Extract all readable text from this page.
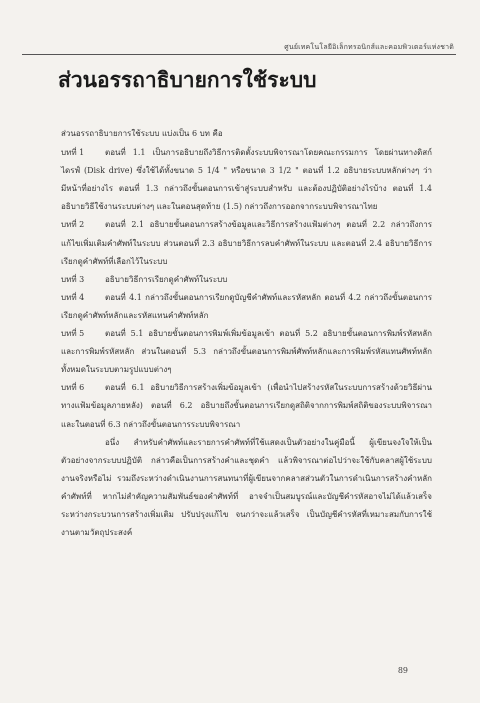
ศูนย์เทคโนโลยีอิเล็กทรอนิกส์และคอมพิวเตอร์แห่งชาติ
ส่วนอรรถาธิบายการใช้ระบบ

ส่วนอรรถาธิบายการใช้ระบบ แบ่งเป็น 6 บท คือ

บทที่ 1	ตอนที่ 1.1 เป็นการอธิบายถึงวิธีการติดตั้งระบบพิจารณาโดยคณะกรรมการ โดยผ่านทางดิสก์ไดรฟ์ (Disk drive) ซึ่งใช้ได้ทั้งขนาด 5 1/4 " หรือขนาด 3 1/2 " ตอนที่ 1.2 อธิบายระบบหลักต่างๆ ว่ามีหน้าที่อย่างไร ตอนที่ 1.3 กล่าวถึงขั้นตอนการเข้าสู่ระบบสำหรับ และต้องปฏิบัติอย่างไรบ้าง ตอนที่ 1.4 อธิบายวิธีใช้งานระบบต่างๆ และในตอนสุดท้าย (1.5) กล่าวถึงการออกจากระบบพิจารณาไทย

บทที่ 2	ตอนที่ 2.1 อธิบายขั้นตอนการสร้างข้อมูลและวิธีการสร้างแฟ้มต่างๆ ตอนที่ 2.2 กล่าวถึงการแก้ไขเพิ่มเติมคำศัพท์ในระบบ ส่วนตอนที่ 2.3 อธิบายวิธีการลบคำศัพท์ในระบบ และตอนที่ 2.4 อธิบายวิธีการเรียกดูคำศัพท์ที่เลือกไว้ในระบบ

บทที่ 3	อธิบายวิธีการเรียกดูคำศัพท์ในระบบ

บทที่ 4	ตอนที่ 4.1 กล่าวถึงขั้นตอนการเรียกดูบัญชีคำศัพท์และรหัสหลัก ตอนที่ 4.2 กล่าวถึงขั้นตอนการเรียกดูคำศัพท์หลักและรหัสแทนคำศัพท์หลัก

บทที่ 5	ตอนที่ 5.1 อธิบายขั้นตอนการพิมพ์เพิ่มข้อมูลเข้า ตอนที่ 5.2 อธิบายขั้นตอนการพิมพ์รหัสหลักและการพิมพ์รหัสหลัก ส่วนในตอนที่ 5.3 กล่าวถึงขั้นตอนการพิมพ์ศัพท์หลักและการพิมพ์รหัสแทนศัพท์หลักทั้งหมดในระบบตามรูปแบบต่างๆ

บทที่ 6	ตอนที่ 6.1 อธิบายวิธีการสร้างเพิ่มข้อมูลเข้า (เพื่อนำไปสร้างรหัสในระบบการสร้างด้วยวิธีผ่านทางแฟ้มข้อมูลภายหลัง) ตอนที่ 6.2 อธิบายถึงขั้นตอนการเรียกดูสถิติจากการพิมพ์สถิติของระบบพิจารณา และในตอนที่ 6.3 กล่าวถึงขั้นตอนการระบบพิจารณา

อนึ่ง สำหรับคำศัพท์และรายการคำศัพท์ที่ใช้แสดงเป็นตัวอย่างในคู่มือนี้ ผู้เขียนจงใจให้เป็นตัวอย่างจากระบบปฏิบัติ กล่าวคือเป็นการสร้างคำและชุดคำ แล้วพิจารณาต่อไปว่าจะใช้กับคลาสผู้ใช้ระบบงานจริงหรือไม่ รวมถึงระหว่างดำเนินงานการสนทนาที่ผู้เขียนจากคลาสส่วนตัวในการดำเนินการสร้างคำหลักคำศัพท์ที่ หากไม่สำคัญความสัมพันธ์ของคำศัพท์ที่ อาจจำเป็นสมบูรณ์และบัญชีคำรหัสอาจไม่ได้แล้วเสร็จ ระหว่างกระบวนการสร้างเพิ่มเติม ปรับปรุงแก้ไข จนกว่าจะแล้วเสร็จ เป็นบัญชีคำรหัสที่เหมาะสมกับการใช้งานตามวัตถุประสงค์

89
